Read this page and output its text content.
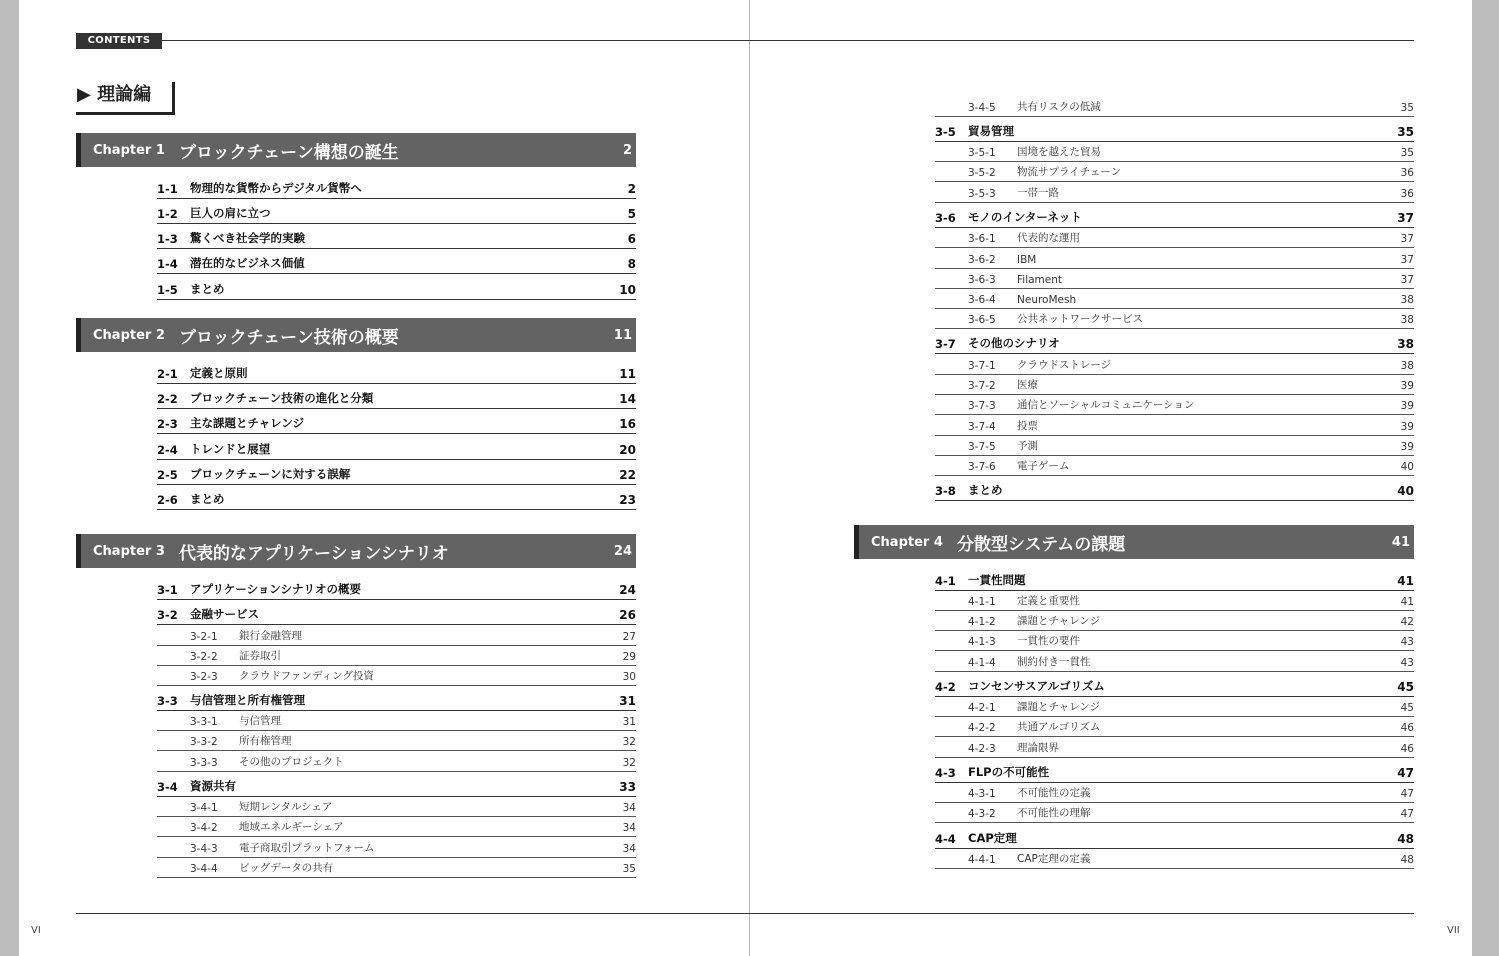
CONTENTS
▶ 理論編
Chapter 1 ブロックチェーン構想の誕生	2
Chapter 2 ブロックチェーン技術の概要	11
Chapter 3 代表的なアプリケーションシナリオ	24
Chapter 4 分散型システムの課題	41
1-1	物理的な貨幣からデジタル貨幣へ	2
1-2	巨人の肩に立つ	5
1-3	驚くべき社会学的実験	6
1-4	潜在的なビジネス価値	8
1-5	まとめ	10
2-1	定義と原則	11
2-2	ブロックチェーン技術の進化と分類	14
2-3	主な課題とチャレンジ	16
2-4	トレンドと展望	20
2-5	ブロックチェーンに対する誤解	22
2-6	まとめ	23
3-1	アプリケーションシナリオの概要	24
3-2	金融サービス	26
3-2-1	銀行金融管理	27
3-2-2	証券取引	29
3-2-3	クラウドファンディング投資	30
3-3	与信管理と所有権管理	31
3-3-1	与信管理	31
3-3-2	所有権管理	32
3-3-3	その他のプロジェクト	32
3-4	資源共有	33
3-4-1	短期レンタルシェア	34
3-4-2	地域エネルギーシェア	34
3-4-3	電子商取引プラットフォーム	34
3-4-4	ビッグデータの共有	35
3-4-5	共有リスクの低減	35
3-5	貿易管理	35
3-5-1	国境を越えた貿易	35
3-5-2	物流サプライチェーン	36
3-5-3	一帯一路	36
3-6	モノのインターネット	37
3-6-1	代表的な運用	37
3-6-2	IBM	37
3-6-3	Filament	37
3-6-4	NeuroMesh	38
3-6-5	公共ネットワークサービス	38
3-7	その他のシナリオ	38
3-7-1	クラウドストレージ	38
3-7-2	医療	39
3-7-3	通信とソーシャルコミュニケーション	39
3-7-4	投票	39
3-7-5	予測	39
3-7-6	電子ゲーム	40
3-8	まとめ	40
4-1	一貫性問題	41
4-1-1	定義と重要性	41
4-1-2	課題とチャレンジ	42
4-1-3	一貫性の要件	43
4-1-4	制約付き一貫性	43
4-2	コンセンサスアルゴリズム	45
4-2-1	課題とチャレンジ	45
4-2-2	共通アルゴリズム	46
4-2-3	理論限界	46
4-3	FLPの不可能性	47
4-3-1	不可能性の定義	47
4-3-2	不可能性の理解	47
4-4	CAP定理	48
4-4-1	CAP定理の定義	48
VI	VII
